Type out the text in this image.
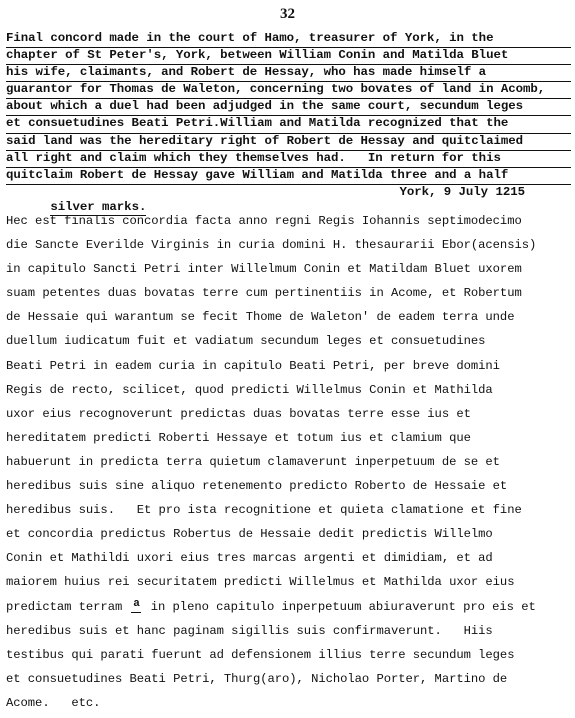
32
Final concord made in the court of Hamo, treasurer of York, in the
chapter of St Peter's, York, between William Conin and Matilda Bluet
his wife, claimants, and Robert de Hessay, who has made himself a
guarantor for Thomas de Waleton, concerning two bovates of land in Acomb,
about which a duel had been adjudged in the same court, secundum leges
et consuetudines Beati Petri.William and Matilda recognized that the
said land was the hereditary right of Robert de Hessay and quitclaimed
all right and claim which they themselves had.   In return for this
quitclaim Robert de Hessay gave William and Matilda three and a half

silver marks.

York, 9 July 1215

Hec est finalis concordia facta anno regni Regis Iohannis septimodecimo
die Sancte Everilde Virginis in curia domini H. thesaurarii Ebor(acensis)
in capitulo Sancti Petri inter Willelmum Conin et Matildam Bluet uxorem
suam petentes duas bovatas terre cum pertinentiis in Acome, et Robertum
de Hessaie qui warantum se fecit Thome de Waleton' de eadem terra unde
duellum iudicatum fuit et vadiatum secundum leges et consuetudines
Beati Petri in eadem curia in capitulo Beati Petri, per breve domini
Regis de recto, scilicet, quod predicti Willelmus Conin et Mathilda
uxor eius recognoverunt predictas duas bovatas terre esse ius et
hereditatem predicti Roberti Hessaye et totum ius et clamium que
habuerunt in predicta terra quietum clamaverunt inperpetuum de se et
heredibus suis sine aliquo retenemento predicto Roberto de Hessaie et
heredibus suis.   Et pro ista recognitione et quieta clamatione et fine
et concordia predictus Robertus de Hessaie dedit predictis Willelmo
Conin et Mathildi uxori eius tres marcas argenti et dimidiam, et ad
maiorem huius rei securitatem predicti Willelmus et Mathilda uxor eius
predictam terram a in pleno capitulo inperpetuum abiuraverunt pro eis et
heredibus suis et hanc paginam sigillis suis confirmaverunt.   Hiis
testibus qui parati fuerunt ad defensionem illius terre secundum leges
et consuetudines Beati Petri, Thurg(aro), Nicholao Porter, Martino de
Acome.   etc.
